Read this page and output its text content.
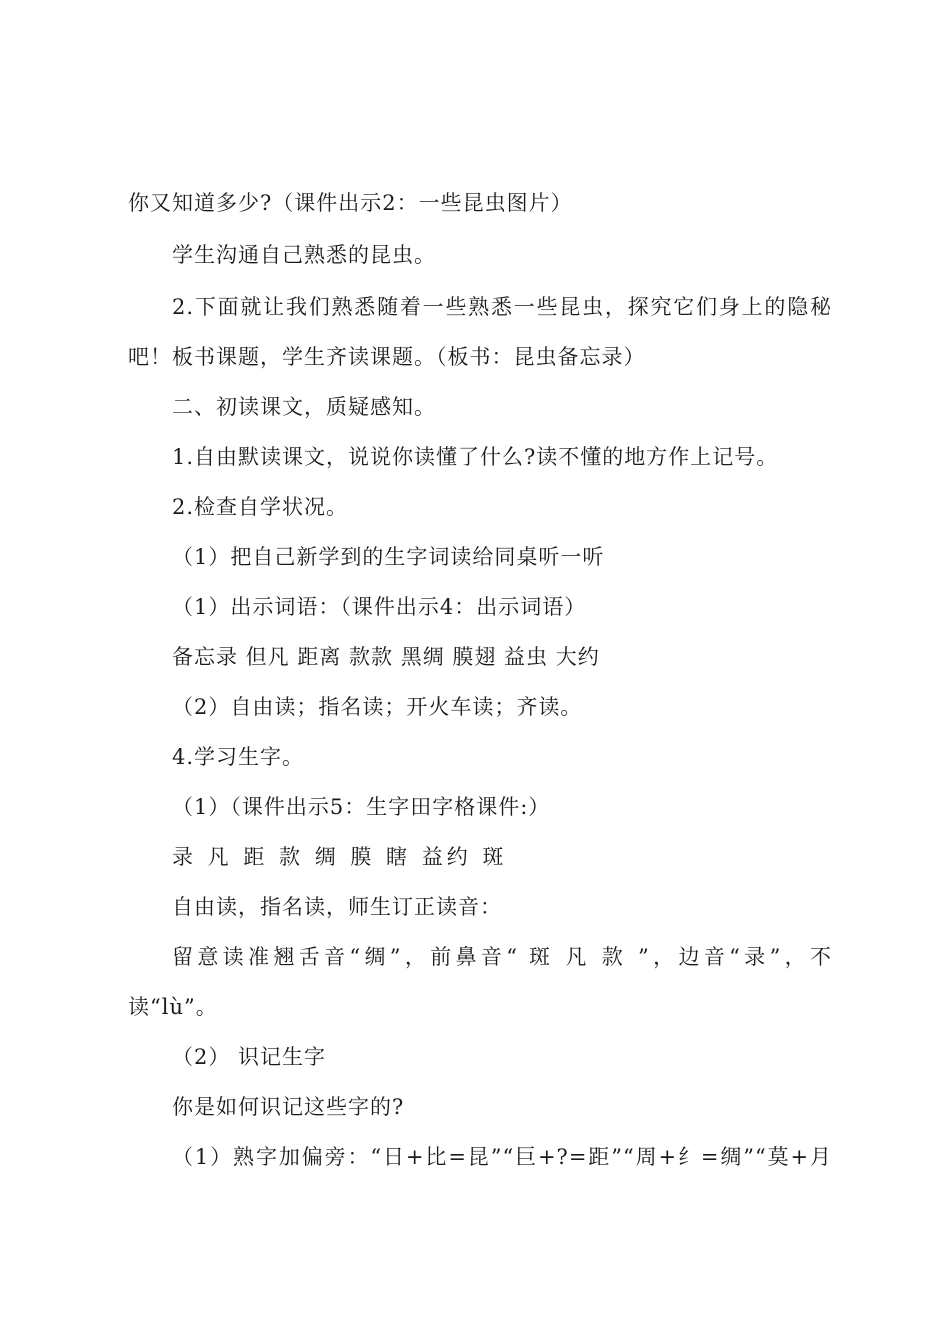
你又知道多少?（课件出示2：一些昆虫图片）
学生沟通自己熟悉的昆虫。
2.下面就让我们熟悉随着一些熟悉一些昆虫，探究它们身上的隐秘
吧！板书课题，学生齐读课题。（板书：昆虫备忘录）
二、初读课文，质疑感知。
1.自由默读课文，说说你读懂了什么?读不懂的地方作上记号。
2.检查自学状况。
（1）把自己新学到的生字词读给同桌听一听
（1）出示词语：（课件出示4：出示词语）
备忘录 但凡 距离 款款 黑绸 膜翅 益虫 大约
（2）自由读；指名读；开火车读；齐读。
4.学习生字。
（1）（课件出示5：生字田字格课件:）
录 凡 距 款 绸 膜 瞎 益约 斑
自由读，指名读，师生订正读音：
留意读准翘舌音“绸”，前鼻音“ 斑 凡 款 ”，边音“录”，不
读“lù”。
（2） 识记生字
你是如何识记这些字的?
（1）熟字加偏旁：“日+比=昆”“巨+?=距”“周+纟=绸”“莫+月
